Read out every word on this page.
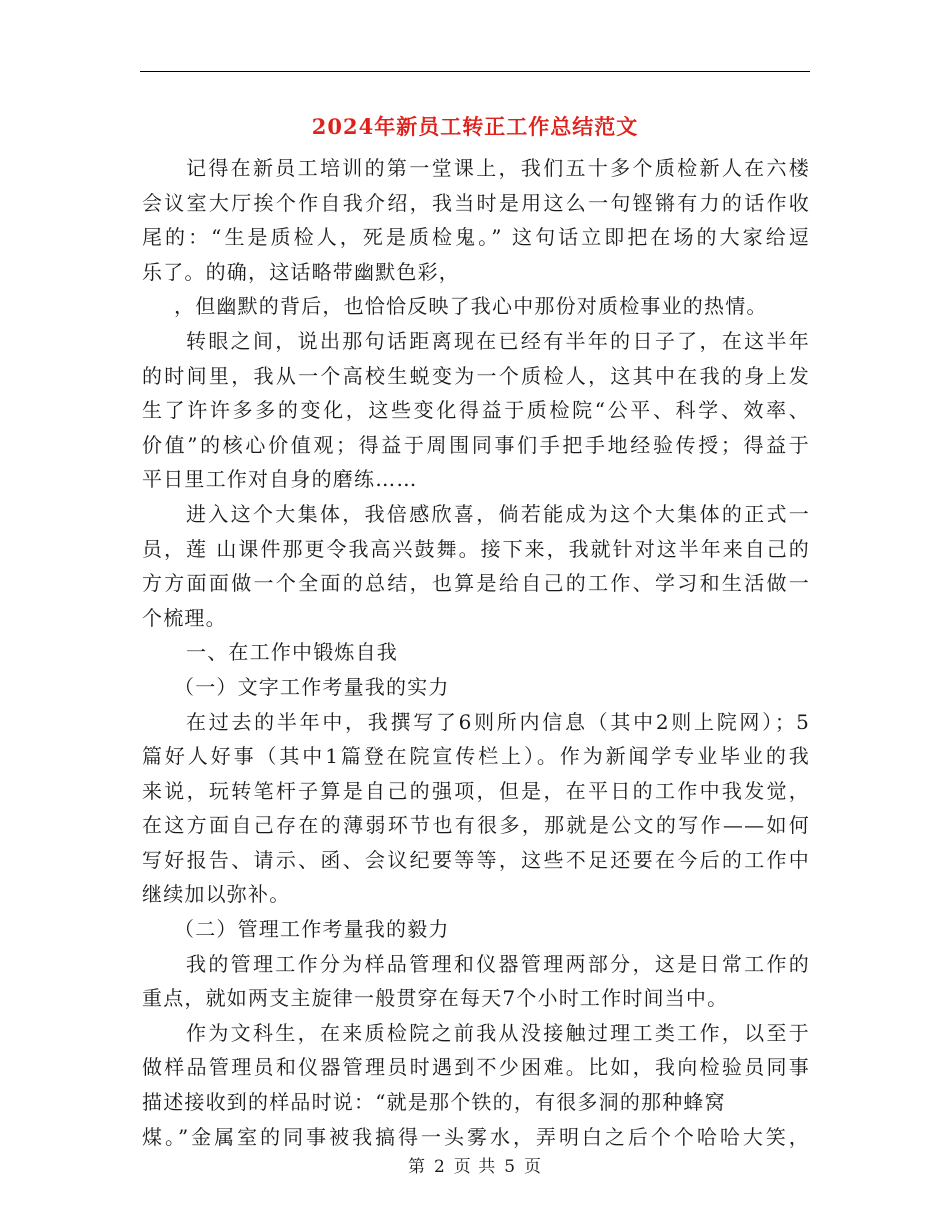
2024年新员工转正工作总结范文
记得在新员工培训的第一堂课上，我们五十多个质检新人在六楼
会议室大厅挨个作自我介绍，我当时是用这么一句铿锵有力的话作收
尾的：“生是质检人，死是质检鬼。” 这句话立即把在场的大家给逗
乐了。的确，这话略带幽默色彩，
，但幽默的背后，也恰恰反映了我心中那份对质检事业的热情。
转眼之间，说出那句话距离现在已经有半年的日子了，在这半年
的时间里，我从一个高校生蜕变为一个质检人，这其中在我的身上发
生了许许多多的变化，这些变化得益于质检院“公平、科学、效率、
价值”的核心价值观；得益于周围同事们手把手地经验传授；得益于
平日里工作对自身的磨练……
进入这个大集体，我倍感欣喜，倘若能成为这个大集体的正式一
员，莲 山课件那更令我高兴鼓舞。接下来，我就针对这半年来自己的
方方面面做一个全面的总结，也算是给自己的工作、学习和生活做一
个梳理。
一、在工作中锻炼自我
（一）文字工作考量我的实力
在过去的半年中，我撰写了6则所内信息（其中2则上院网）；5
篇好人好事（其中1篇登在院宣传栏上）。作为新闻学专业毕业的我
来说，玩转笔杆子算是自己的强项，但是，在平日的工作中我发觉，
在这方面自己存在的薄弱环节也有很多，那就是公文的写作——如何
写好报告、请示、函、会议纪要等等，这些不足还要在今后的工作中
继续加以弥补。
（二）管理工作考量我的毅力
我的管理工作分为样品管理和仪器管理两部分，这是日常工作的
重点，就如两支主旋律一般贯穿在每天7个小时工作时间当中。
作为文科生，在来质检院之前我从没接触过理工类工作，以至于
做样品管理员和仪器管理员时遇到不少困难。比如，我向检验员同事
描述接收到的样品时说：“就是那个铁的，有很多洞的那种蜂窝
煤。”金属室的同事被我搞得一头雾水，弄明白之后个个哈哈大笑，
第 2 页 共 5 页
